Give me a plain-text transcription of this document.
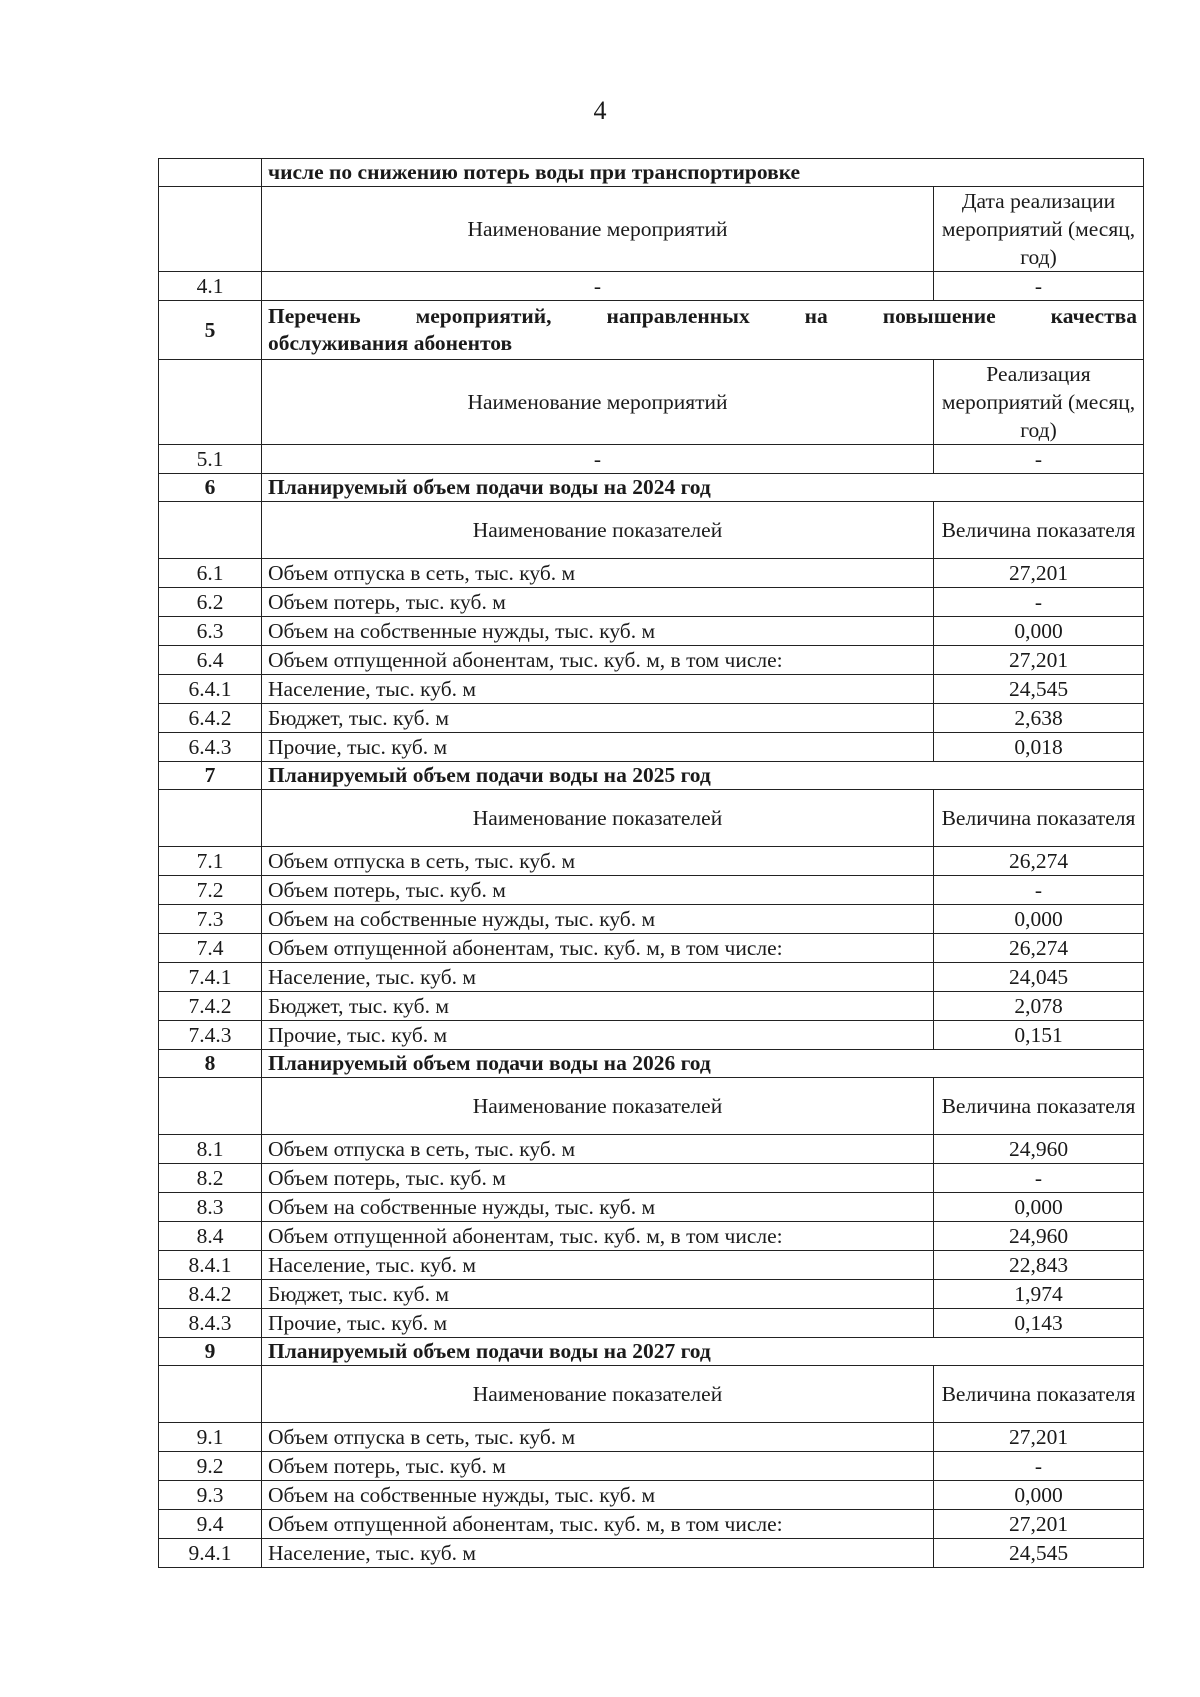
4
	числе по снижению потерь воды при транспортировке	
	Наименование мероприятий	Дата реализации мероприятий (месяц, год)
4.1	-	-
5	Перечень мероприятий, направленных на повышение качества
обслуживания абонентов	

	Наименование мероприятий	Реализация мероприятий (месяц, год)
5.1	-	-
6	Планируемый объем подачи воды на 2024 год	
	Наименование показателей	Величина показателя
6.1	Объем отпуска в сеть, тыс. куб. м	27,201
6.2	Объем потерь, тыс. куб. м	-
6.3	Объем на собственные нужды, тыс. куб. м	0,000
6.4	Объем отпущенной абонентам, тыс. куб. м, в том числе:	27,201
6.4.1	Население, тыс. куб. м	24,545
6.4.2	Бюджет, тыс. куб. м	2,638
6.4.3	Прочие, тыс. куб. м	0,018
7	Планируемый объем подачи воды на 2025 год	
	Наименование показателей	Величина показателя
7.1	Объем отпуска в сеть, тыс. куб. м	26,274
7.2	Объем потерь, тыс. куб. м	-
7.3	Объем на собственные нужды, тыс. куб. м	0,000
7.4	Объем отпущенной абонентам, тыс. куб. м, в том числе:	26,274
7.4.1	Население, тыс. куб. м	24,045
7.4.2	Бюджет, тыс. куб. м	2,078
7.4.3	Прочие, тыс. куб. м	0,151
8	Планируемый объем подачи воды на 2026 год	
	Наименование показателей	Величина показателя
8.1	Объем отпуска в сеть, тыс. куб. м	24,960
8.2	Объем потерь, тыс. куб. м	-
8.3	Объем на собственные нужды, тыс. куб. м	0,000
8.4	Объем отпущенной абонентам, тыс. куб. м, в том числе:	24,960
8.4.1	Население, тыс. куб. м	22,843
8.4.2	Бюджет, тыс. куб. м	1,974
8.4.3	Прочие, тыс. куб. м	0,143
9	Планируемый объем подачи воды на 2027 год	
	Наименование показателей	Величина показателя
9.1	Объем отпуска в сеть, тыс. куб. м	27,201
9.2	Объем потерь, тыс. куб. м	-
9.3	Объем на собственные нужды, тыс. куб. м	0,000
9.4	Объем отпущенной абонентам, тыс. куб. м, в том числе:	27,201
9.4.1	Население, тыс. куб. м	24,545
